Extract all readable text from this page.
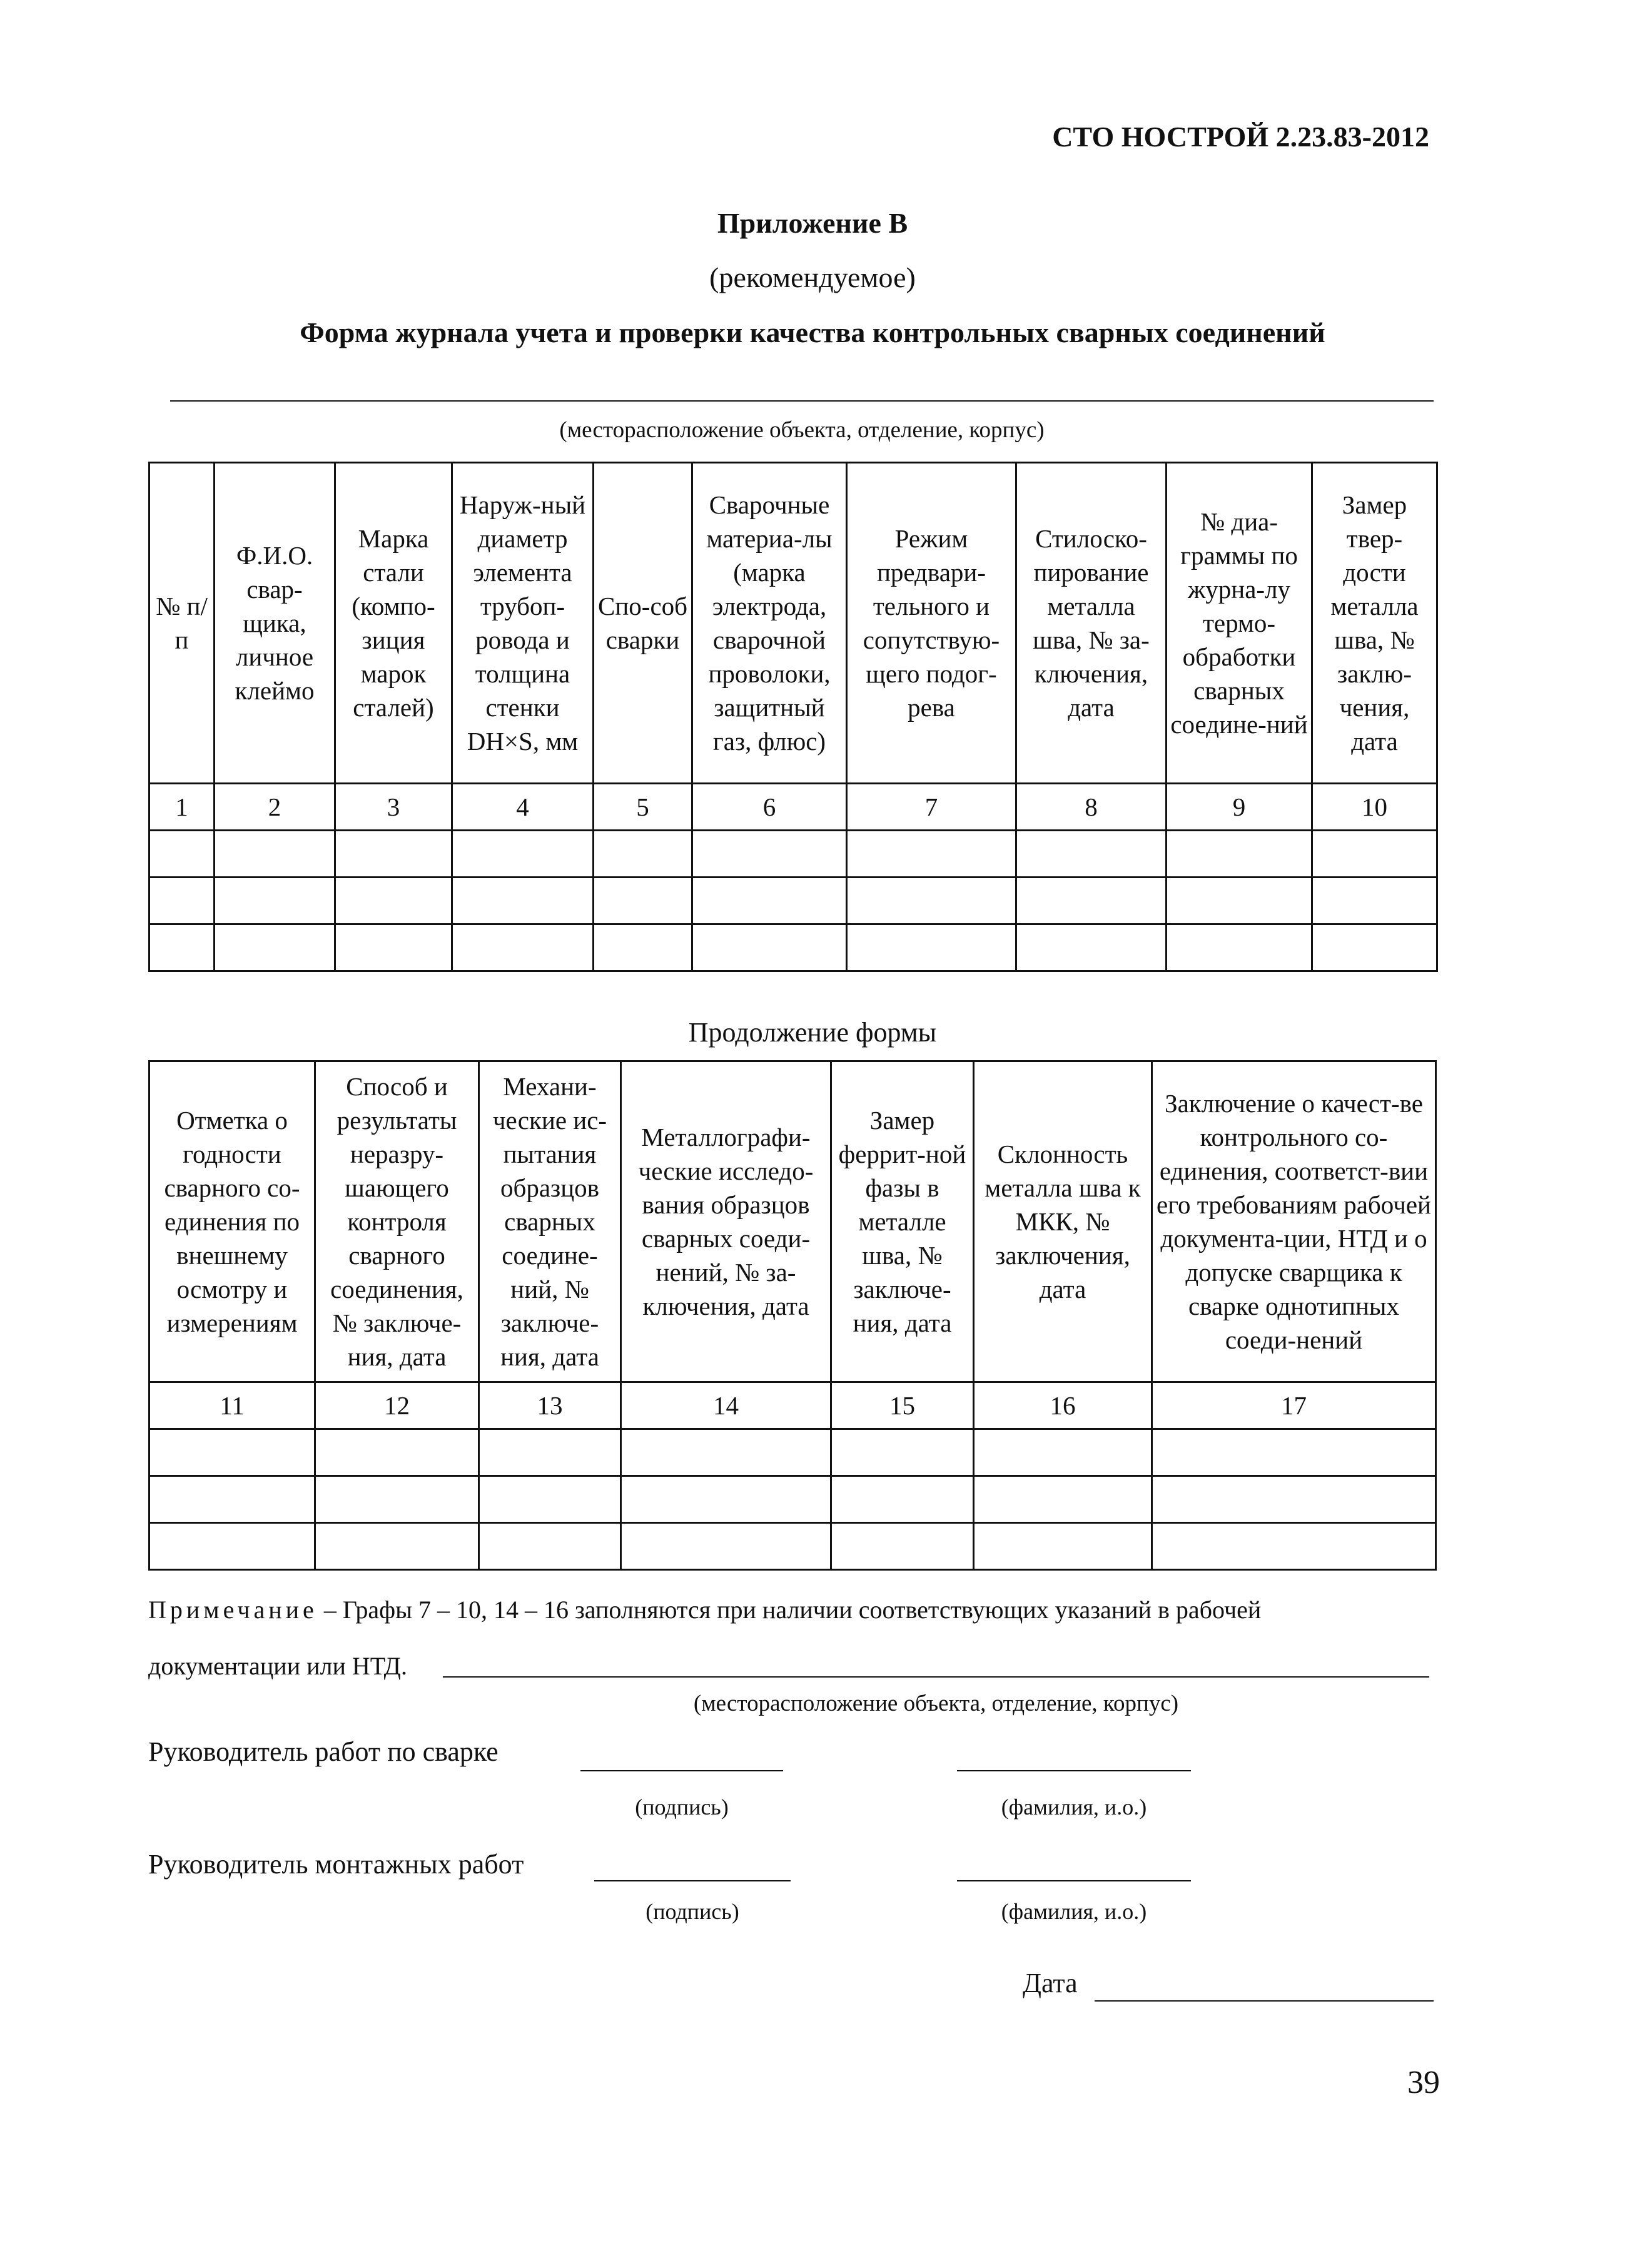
СТО НОСТРОЙ 2.23.83-2012
Приложение В
(рекомендуемое)
Форма журнала учета и проверки качества контрольных сварных соединений
(месторасположение объекта, отделение, корпус)
№ п/п	Ф.И.О. свар-щика, личное клеймо	Марка стали (компо-зиция марок сталей)	Наруж-ный диаметр элемента трубоп-ровода и толщина стенки DН×S, мм	Спо-соб сварки	Сварочные материа-лы (марка электрода, сварочной проволоки, защитный газ, флюс)	Режим предвари-тельного и сопутствую-щего подог-рева	Стилоско-пирование металла шва, № за-ключения, дата	№ диа-граммы по журна-лу термо-обработки сварных соедине-ний	Замер твер-дости металла шва, № заклю-чения, дата
1	2	3	4	5	6	7	8	9	10

Продолжение формы
Отметка о годности сварного со-единения по внешнему осмотру и измерениям	Способ и результаты неразру-шающего контроля сварного соединения, № заключе-ния, дата	Механи-ческие ис-пытания образцов сварных соедине-ний, № заключе-ния, дата	Металлографи-ческие исследо-вания образцов сварных соеди-нений, № за-ключения, дата	Замер феррит-ной фазы в металле шва, № заключе-ния, дата	Склонность металла шва к МКК, № заключения, дата	Заключение о качест-ве контрольного со-единения, соответст-вии его требованиям рабочей документа-ции, НТД и о допуске сварщика к сварке однотипных соеди-нений
11	12	13	14	15	16	17

Примечание – Графы 7 – 10, 14 – 16 заполняются при наличии соответствующих указаний в рабочей
документации или НТД.
(месторасположение объекта, отделение, корпус)
Руководитель работ по сварке
(подпись)	(фамилия, и.о.)
Руководитель монтажных работ
(подпись)	(фамилия, и.о.)
Дата
39
